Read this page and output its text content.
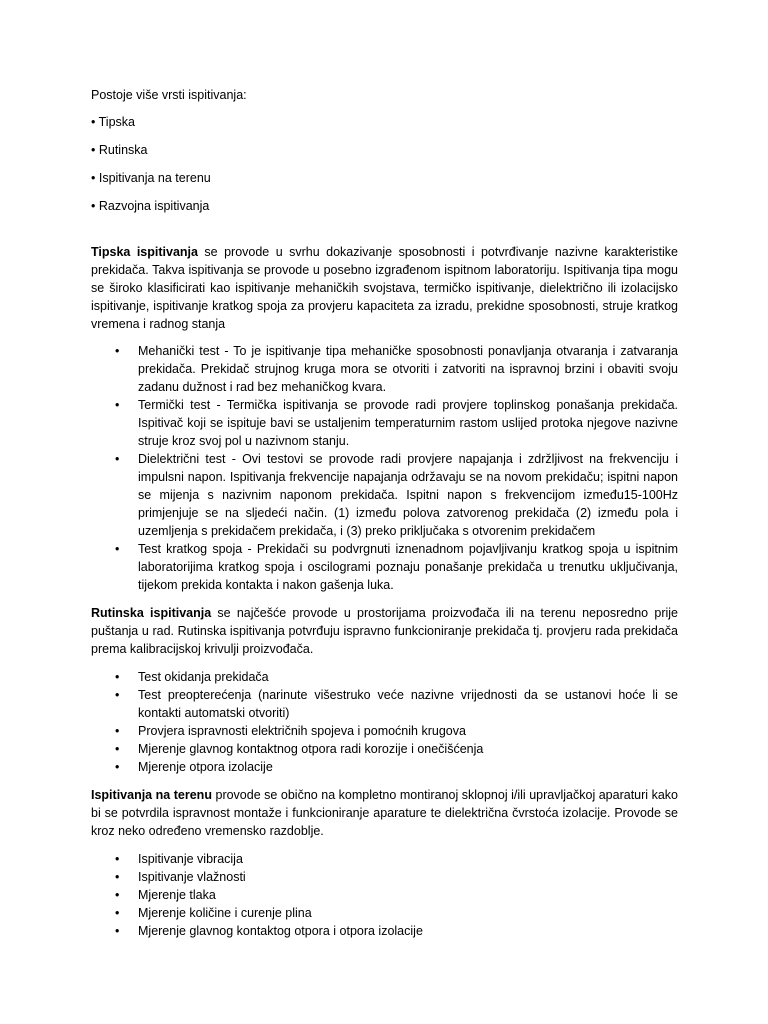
Postoje više vrsti ispitivanja:

• Tipska
• Rutinska
• Ispitivanja na terenu
• Razvojna ispitivanja

Tipska ispitivanja se provode u svrhu dokazivanje sposobnosti i potvrđivanje nazivne karakteristike prekidača. Takva ispitivanja se provode u posebno izgrađenom ispitnom laboratoriju. Ispitivanja tipa mogu se široko klasificirati kao ispitivanje mehaničkih svojstava, termičko ispitivanje, dielektrično ili izolacijsko ispitivanje, ispitivanje kratkog spoja za provjeru kapaciteta za izradu, prekidne sposobnosti, struje kratkog vremena i radnog stanja

• Mehanički test - To je ispitivanje tipa mehaničke sposobnosti ponavljanja otvaranja i zatvaranja prekidača. Prekidač strujnog kruga mora se otvoriti i zatvoriti na ispravnoj brzini i obaviti svoju zadanu dužnost i rad bez mehaničkog kvara.
• Termički test - Termička ispitivanja se provode radi provjere toplinskog ponašanja prekidača. Ispitivač koji se ispituje bavi se ustaljenim temperaturnim rastom uslijed protoka njegove nazivne struje kroz svoj pol u nazivnom stanju.
• Dielektrični test - Ovi testovi se provode radi provjere napajanja i zdržljivost na frekvenciju i impulsni napon. Ispitivanja frekvencije napajanja održavaju se na novom prekidaču; ispitni napon se mijenja s nazivnim naponom prekidača. Ispitni napon s frekvencijom između15-100Hz primjenjuje se na sljedeći način. (1) između polova zatvorenog prekidača (2) između pola i uzemljenja s prekidačem prekidača, i (3) preko priključaka s otvorenim prekidačem
• Test kratkog spoja - Prekidači su podvrgnuti iznenadnom pojavljivanju kratkog spoja u ispitnim laboratorijima kratkog spoja i oscilogrami poznaju ponašanje prekidača u trenutku uključivanja, tijekom prekida kontakta i nakon gašenja luka.

Rutinska ispitivanja se najčešće provode u prostorijama proizvođača ili na terenu neposredno prije puštanja u rad. Rutinska ispitivanja potvrđuju ispravno funkcioniranje prekidača tj. provjeru rada prekidača prema kalibracijskoj krivulji proizvođača.

• Test okidanja prekidača
• Test preopterećenja (narinute višestruko veće nazivne vrijednosti da se ustanovi hoće li se kontakti automatski otvoriti)
• Provjera ispravnosti električnih spojeva i pomoćnih krugova
• Mjerenje glavnog kontaktnog otpora radi korozije i onečišćenja
• Mjerenje otpora izolacije

Ispitivanja na terenu provode se obično na kompletno montiranoj sklopnoj i/ili upravljačkoj aparaturi kako bi se potvrdila ispravnost montaže i funkcioniranje aparature te dielektrična čvrstoća izolacije. Provode se kroz neko određeno vremensko razdoblje.

• Ispitivanje vibracija
• Ispitivanje vlažnosti
• Mjerenje tlaka
• Mjerenje količine i curenje plina
• Mjerenje glavnog kontaktog otpora i otpora izolacije
